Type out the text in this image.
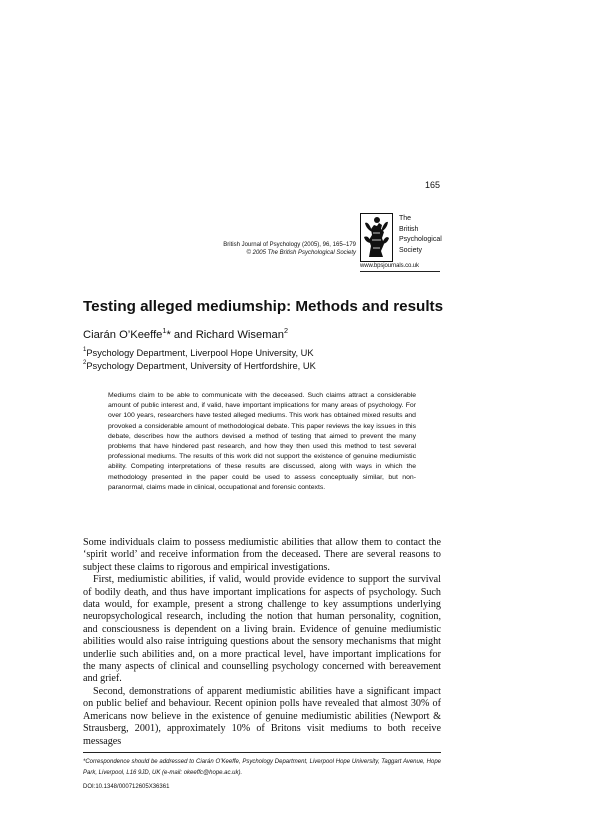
165
The
British
Psychological
Society
www.bpsjournals.co.uk
British Journal of Psychology (2005), 96, 165–179
© 2005 The British Psychological Society
Testing alleged mediumship: Methods and results
Ciarán O’Keeffe$^1$* and Richard Wiseman$^2$
$^1$Psychology Department, Liverpool Hope University, UK
$^2$Psychology Department, University of Hertfordshire, UK

Mediums claim to be able to communicate with the deceased. Such claims attract a considerable amount of public interest and, if valid, have important implications for many areas of psychology. For over 100 years, researchers have tested alleged mediums. This work has obtained mixed results and provoked a considerable amount of methodological debate. This paper reviews the key issues in this debate, describes how the authors devised a method of testing that aimed to prevent the many problems that have hindered past research, and how they then used this method to test several professional mediums. The results of this work did not support the existence of genuine mediumistic ability. Competing interpretations of these results are discussed, along with ways in which the methodology presented in the paper could be used to assess conceptually similar, but non-paranormal, claims made in clinical, occupational and forensic contexts.

Some individuals claim to possess mediumistic abilities that allow them to contact the ‘spirit world’ and receive information from the deceased. There are several reasons to subject these claims to rigorous and empirical investigations.

First, mediumistic abilities, if valid, would provide evidence to support the survival of bodily death, and thus have important implications for aspects of psychology. Such data would, for example, present a strong challenge to key assumptions underlying neuropsychological research, including the notion that human personality, cognition, and consciousness is dependent on a living brain. Evidence of genuine mediumistic abilities would also raise intriguing questions about the sensory mechanisms that might underlie such abilities and, on a more practical level, have important implications for the many aspects of clinical and counselling psychology concerned with bereavement and grief.

Second, demonstrations of apparent mediumistic abilities have a significant impact on public belief and behaviour. Recent opinion polls have revealed that almost 30% of Americans now believe in the existence of genuine mediumistic abilities (Newport & Strausberg, 2001), approximately 10% of Britons visit mediums to both receive messages

*Correspondence should be addressed to Ciarán O’Keeffe, Psychology Department, Liverpool Hope University, Taggart Avenue, Hope Park, Liverpool, L16 9JD, UK (e-mail: okeeffc@hope.ac.uk).
DOI:10.1348/000712605X36361
